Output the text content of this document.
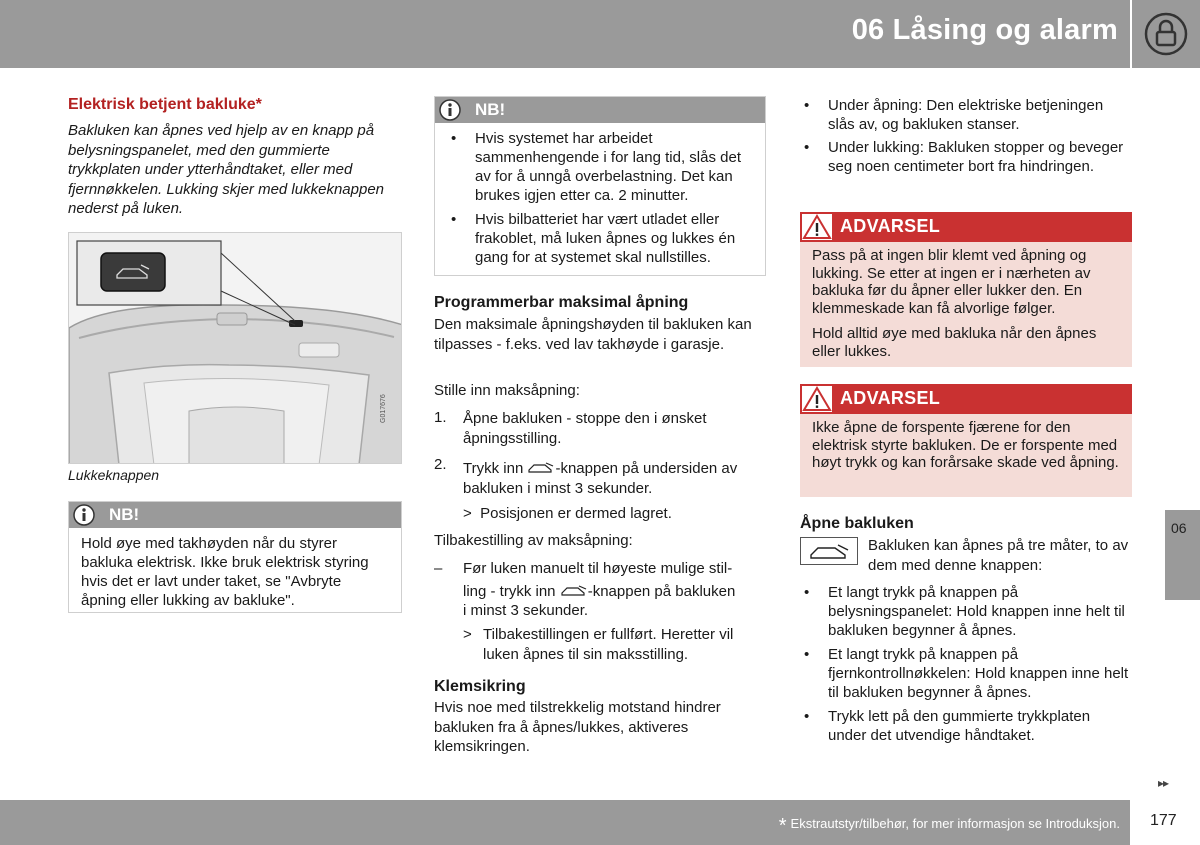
06 Låsing og alarm
Elektrisk betjent bakluke*
Bakluken kan åpnes ved hjelp av en knapp på belysningspanelet, med den gummierte trykkplaten under ytterhåndtaket, eller med fjernnøkkelen. Lukking skjer med lukkeknappen nederst på luken.
G017676
Lukkeknappen
NB!
Hold øye med takhøyden når du styrer bakluka elektrisk. Ikke bruk elektrisk styring hvis det er lavt under taket, se "Avbryte åpning eller lukking av bakluke".
NB!
• Hvis systemet har arbeidet sammenhengende i for lang tid, slås det av for å unngå overbelastning. Det kan brukes igjen etter ca. 2 minutter.
• Hvis bilbatteriet har vært utladet eller frakoblet, må luken åpnes og lukkes én gang for at systemet skal nullstilles.
Programmerbar maksimal åpning
Den maksimale åpningshøyden til bakluken kan tilpasses - f.eks. ved lav takhøyde i garasje.
Stille inn maksåpning:
1. Åpne bakluken - stoppe den i ønsket åpningsstilling.
2. Trykk inn -knappen på undersiden av bakluken i minst 3 sekunder.
> Posisjonen er dermed lagret.
Tilbakestilling av maksåpning:
– Før luken manuelt til høyeste mulige stil-
ling - trykk inn -knappen på bakluken
i minst 3 sekunder.
> Tilbakestillingen er fullført. Heretter vil luken åpnes til sin maksstilling.
Klemsikring
Hvis noe med tilstrekkelig motstand hindrer bakluken fra å åpnes/lukkes, aktiveres klemsikringen.
• Under åpning: Den elektriske betjeningen slås av, og bakluken stanser.
• Under lukking: Bakluken stopper og beveger seg noen centimeter bort fra hindringen.
ADVARSEL

Pass på at ingen blir klemt ved åpning og lukking. Se etter at ingen er i nærheten av bakluka før du åpner eller lukker den. En klemmeskade kan få alvorlige følger.

Hold alltid øye med bakluka når den åpnes eller lukkes.

ADVARSEL

Ikke åpne de forspente fjærene for den elektrisk styrte bakluken. De er forspente med høyt trykk og kan forårsake skade ved åpning.

Åpne bakluken
Bakluken kan åpnes på tre måter, to av dem med denne knappen:
• Et langt trykk på knappen på belysningspanelet: Hold knappen inne helt til bakluken begynner å åpnes.
• Et langt trykk på knappen på fjernkontrollnøkkelen: Hold knappen inne helt til bakluken begynner å åpnes.
• Trykk lett på den gummierte trykkplaten under det utvendige håndtaket.
06
▸▸
* Ekstrautstyr/tilbehør, for mer informasjon se Introduksjon. 177
